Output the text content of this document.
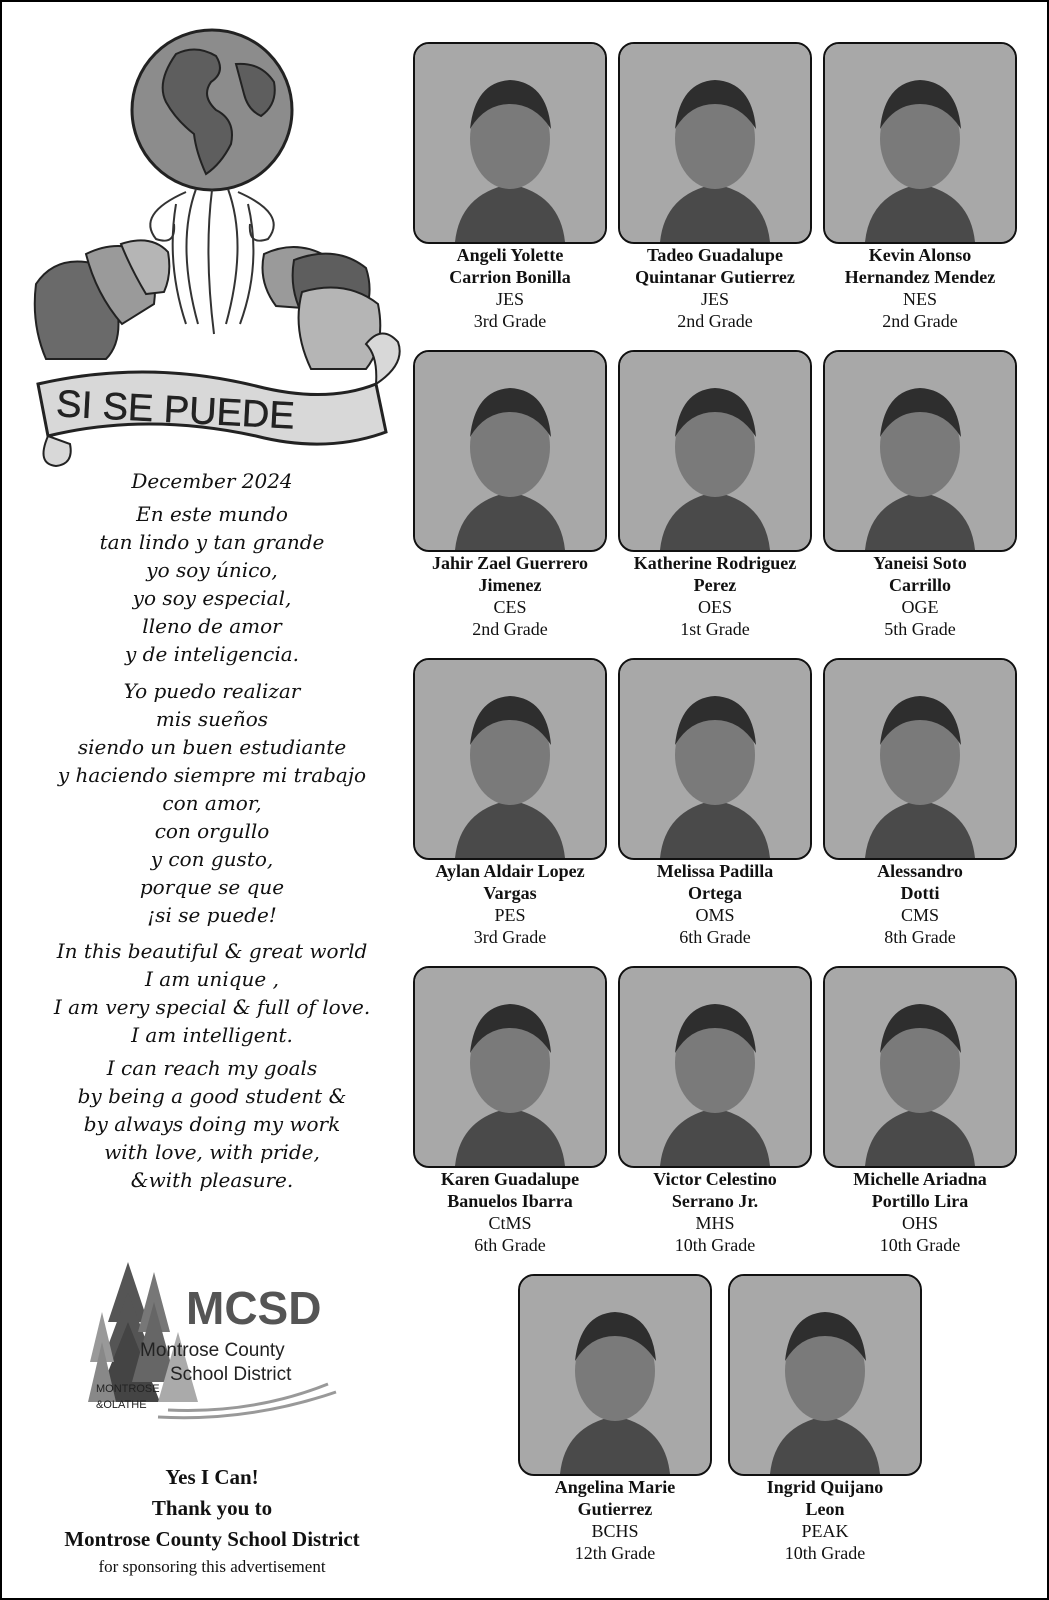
SI SE PUEDE
December 2024
En este mundo
tan lindo y tan grande
yo soy único,
yo soy especial,
lleno de amor
y de inteligencia.
Yo puedo realizar
mis sueños
siendo un buen estudiante
y haciendo siempre mi trabajo
con amor,
con orgullo
y con gusto,
porque se que
¡si se puede!
In this beautiful & great world
I am unique ,
I am very special & full of love.
I am intelligent.
I can reach my goals
by being a good student &
by always doing my work
with love, with pride,
&with pleasure.
MCSD
Montrose County
School District
MONTROSE
&OLATHE
Yes I Can!
Thank you to
Montrose County School District
for sponsoring this advertisement
Angeli Yolette
Carrion Bonilla
JES
3rd Grade
Tadeo Guadalupe
Quintanar Gutierrez
JES
2nd Grade
Kevin Alonso
Hernandez Mendez
NES
2nd Grade
Jahir Zael Guerrero
Jimenez
CES
2nd Grade
Katherine Rodriguez
Perez
OES
1st Grade
Yaneisi Soto
Carrillo
OGE
5th Grade
Aylan Aldair Lopez
Vargas
PES
3rd Grade
Melissa Padilla
Ortega
OMS
6th Grade
Alessandro
Dotti
CMS
8th Grade
Karen Guadalupe
Banuelos Ibarra
CtMS
6th Grade
Victor Celestino
Serrano Jr.
MHS
10th Grade
Michelle Ariadna
Portillo Lira
OHS
10th Grade
Angelina Marie
Gutierrez
BCHS
12th Grade
Ingrid Quijano
Leon
PEAK
10th Grade
